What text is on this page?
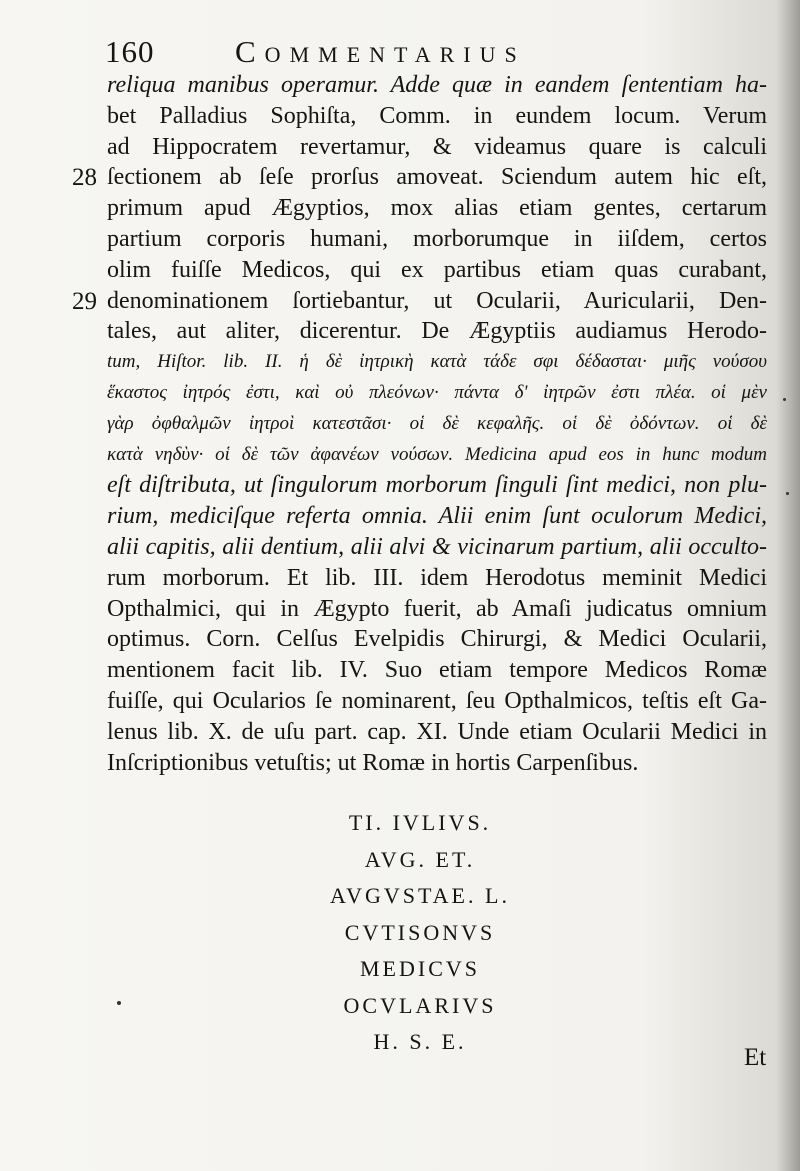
160	Commentarius
28
29
reliqua manibus operamur. Adde quæ in eandem ſententiam ha-
bet Palladius Sophiſta, Comm. in eundem locum. Verum
ad Hippocratem revertamur, & videamus quare is calculi
ſectionem ab ſeſe prorſus amoveat. Sciendum autem hic eſt,
primum apud Ægyptios, mox alias etiam gentes, certarum
partium corporis humani, morborumque in iiſdem, certos
olim fuiſſe Medicos, qui ex partibus etiam quas curabant,
denominationem ſortiebantur, ut Ocularii, Auricularii, Den-
tales, aut aliter, dicerentur. De Ægyptiis audiamus Herodo-
tum, Hiſtor. lib. II. ἡ δὲ ἰητρικὴ κατὰ τάδε σφι δέδασται· μιῆς νούσου
ἕκαστος ἰητρός ἐστι, καὶ οὐ πλεόνων· πάντα δ' ἰητρῶν ἐστι πλέα. οἱ μὲν
γὰρ ὀφθαλμῶν ἰητροὶ κατεστᾶσι· οἱ δὲ κεφαλῆς. οἱ δὲ ὀδόντων. οἱ δὲ
κατὰ νηδὺν· οἱ δὲ τῶν ἀφανέων νούσων. Medicina apud eos in hunc modum
eſt diſtributa, ut ſingulorum morborum ſinguli ſint medici, non plu-
rium, mediciſque referta omnia. Alii enim ſunt oculorum Medici,
alii capitis, alii dentium, alii alvi & vicinarum partium, alii occulto-
rum morborum. Et lib. III. idem Herodotus meminit Medici
Opthalmici, qui in Ægypto fuerit, ab Amaſi judicatus omnium
optimus. Corn. Celſus Evelpidis Chirurgi, & Medici Ocularii,
mentionem facit lib. IV. Suo etiam tempore Medicos Romæ
fuiſſe, qui Ocularios ſe nominarent, ſeu Opthalmicos, teſtis eſt Ga-
lenus lib. X. de uſu part. cap. XI. Unde etiam Ocularii Medici in
Inſcriptionibus vetuſtis; ut Romæ in hortis Carpenſibus.
TI. IVLIVS.
AVG. ET.
AVGVSTAE. L.
CVTISONVS
MEDICVS
OCVLARIVS
H. S. E.
Et
